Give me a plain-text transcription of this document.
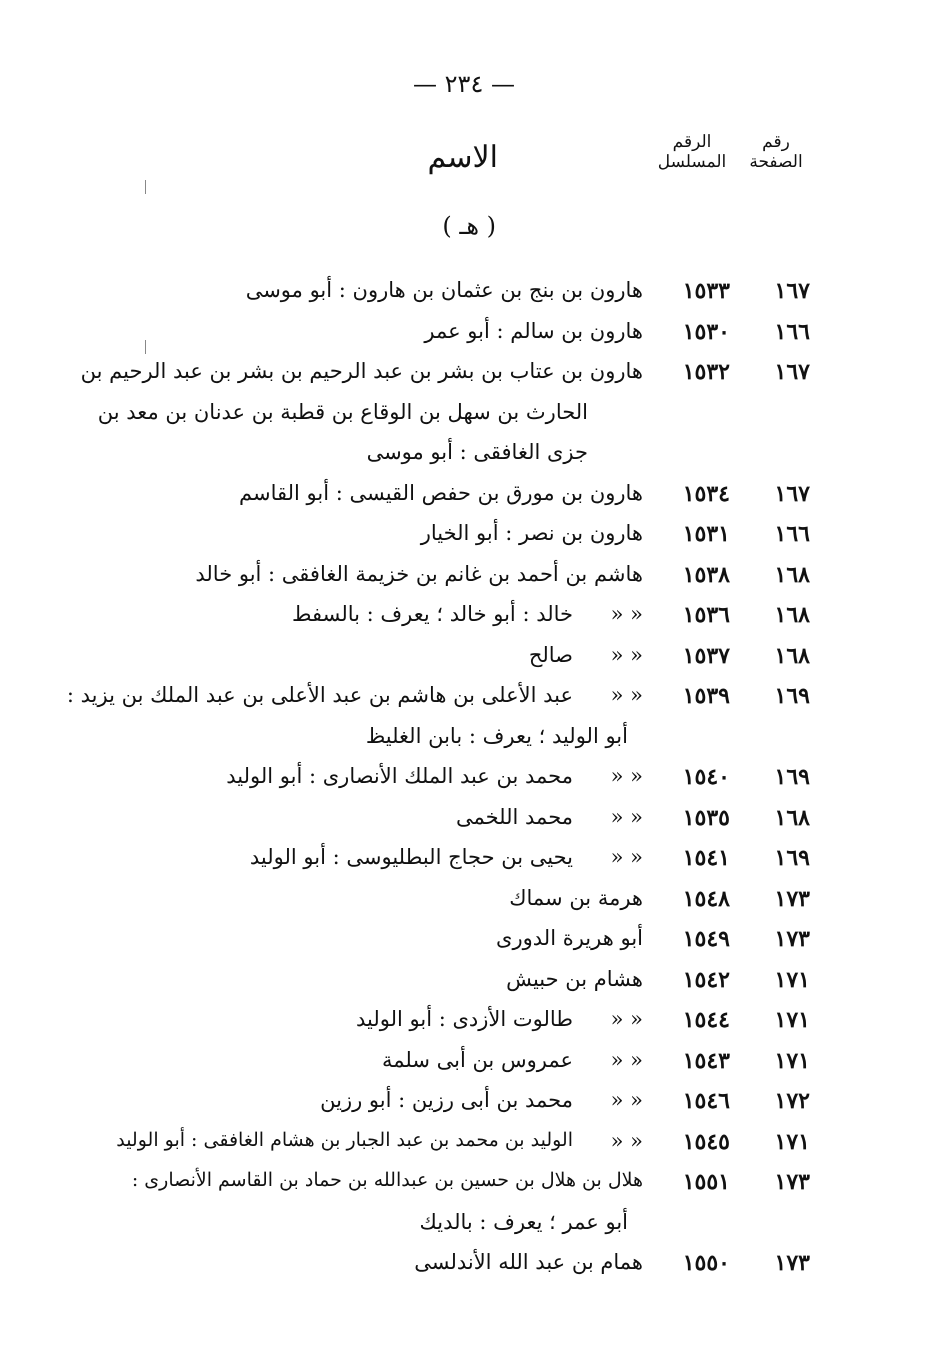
— ٢٣٤ —
رقم
الصفحة
الرقم
المسلسل
الاسم
( هـ )
١٦٧
١٥٣٣
هارون بن بنج بن عثمان بن هارون : أبو موسى
١٦٦
١٥٣٠
هارون بن سالم : أبو عمر
١٦٧
١٥٣٢
هارون بن عتاب بن بشر بن عبد الرحيم بن بشر بن عبد الرحيم بن
الحارث بن سهل بن الوقاع بن قطبة بن عدنان بن معد بن
جزى الغافقى : أبو موسى
١٦٧
١٥٣٤
هارون بن مورق بن حفص القيسى : أبو القاسم
١٦٦
١٥٣١
هارون بن نصر : أبو الخيار
١٦٨
١٥٣٨
هاشم بن أحمد بن غانم بن خزيمة الغافقى : أبو خالد
١٦٨
١٥٣٦
« «
خالد : أبو خالد ؛ يعرف : بالسفط
١٦٨
١٥٣٧
« «
صالح
١٦٩
١٥٣٩
« «
عبد الأعلى بن هاشم بن عبد الأعلى بن عبد الملك بن يزيد :
أبو الوليد ؛ يعرف : بابن الغليظ
١٦٩
١٥٤٠
« «
محمد بن عبد الملك الأنصارى : أبو الوليد
١٦٨
١٥٣٥
« «
محمد اللخمى
١٦٩
١٥٤١
« «
يحيى بن حجاج البطليوسى : أبو الوليد
١٧٣
١٥٤٨
هرمة بن سماك
١٧٣
١٥٤٩
أبو هريرة الدورى
١٧١
١٥٤٢
هشام بن حبيش
١٧١
١٥٤٤
« «
طالوت الأزدى : أبو الوليد
١٧١
١٥٤٣
« «
عمروس بن أبى سلمة
١٧٢
١٥٤٦
« «
محمد بن أبى رزين : أبو رزين
١٧١
١٥٤٥
« «
الوليد بن محمد بن عبد الجبار بن هشام الغافقى : أبو الوليد
١٧٣
١٥٥١
هلال بن هلال بن حسين بن عبدالله بن حماد بن القاسم الأنصارى :
أبو عمر ؛ يعرف : بالديك
١٧٣
١٥٥٠
همام بن عبد الله الأندلسى
